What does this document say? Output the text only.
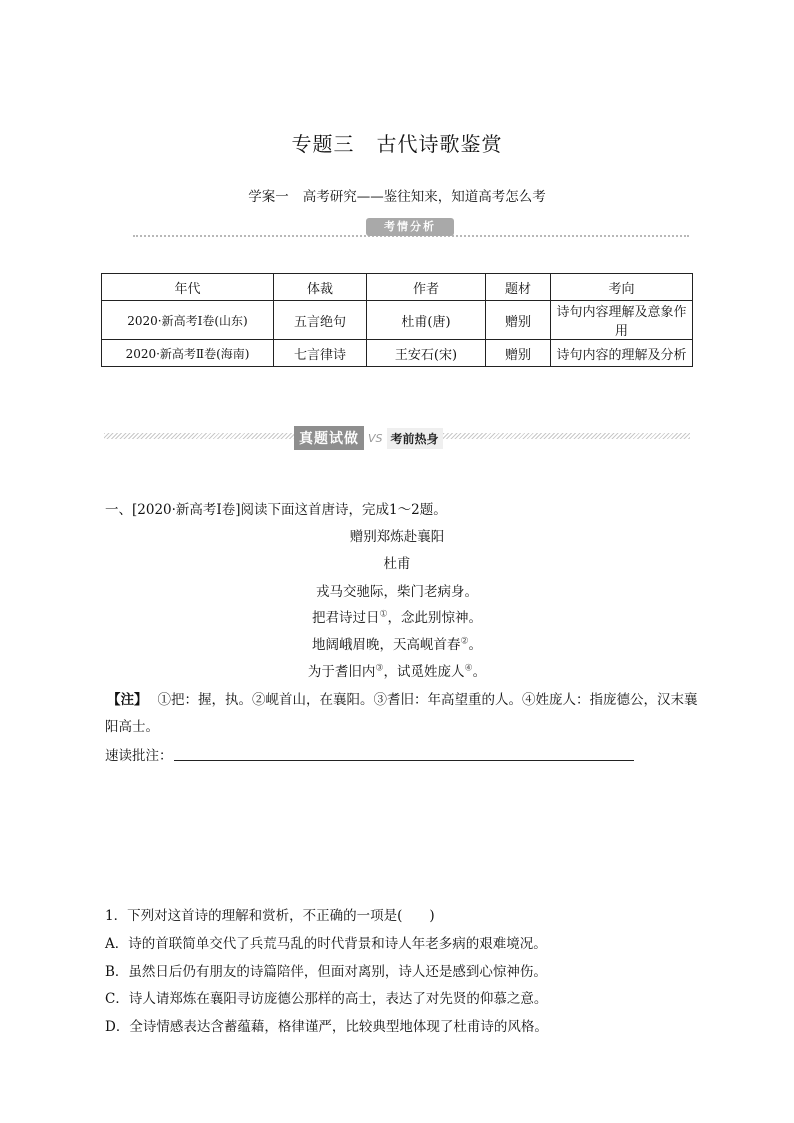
专题三 古代诗歌鉴赏
学案一 高考研究——鉴往知来，知道高考怎么考
考情分析
年代	体裁	作者	题材	考向
2020·新高考Ⅰ卷(山东)	五言绝句	杜甫(唐)	赠别	诗句内容理解及意象作用
2020·新高考Ⅱ卷(海南)	七言律诗	王安石(宋)	赠别	诗句内容的理解及分析
真题试做 VS 考前热身
一、[2020·新高考Ⅰ卷]阅读下面这首唐诗，完成1～2题。
赠别郑炼赴襄阳
杜甫
戎马交驰际，柴门老病身。
把君诗过日①，念此别惊神。
地阔峨眉晚，天高岘首春②。
为于耆旧内③，试觅姓庞人④。
【注】 ①把：握，执。②岘首山，在襄阳。③耆旧：年高望重的人。④姓庞人：指庞德公，汉末襄
阳高士。
速读批注：
1．下列对这首诗的理解和赏析，不正确的一项是(　　)
A．诗的首联简单交代了兵荒马乱的时代背景和诗人年老多病的艰难境况。
B．虽然日后仍有朋友的诗篇陪伴，但面对离别，诗人还是感到心惊神伤。
C．诗人请郑炼在襄阳寻访庞德公那样的高士，表达了对先贤的仰慕之意。
D．全诗情感表达含蓄蕴藉，格律谨严，比较典型地体现了杜甫诗的风格。
